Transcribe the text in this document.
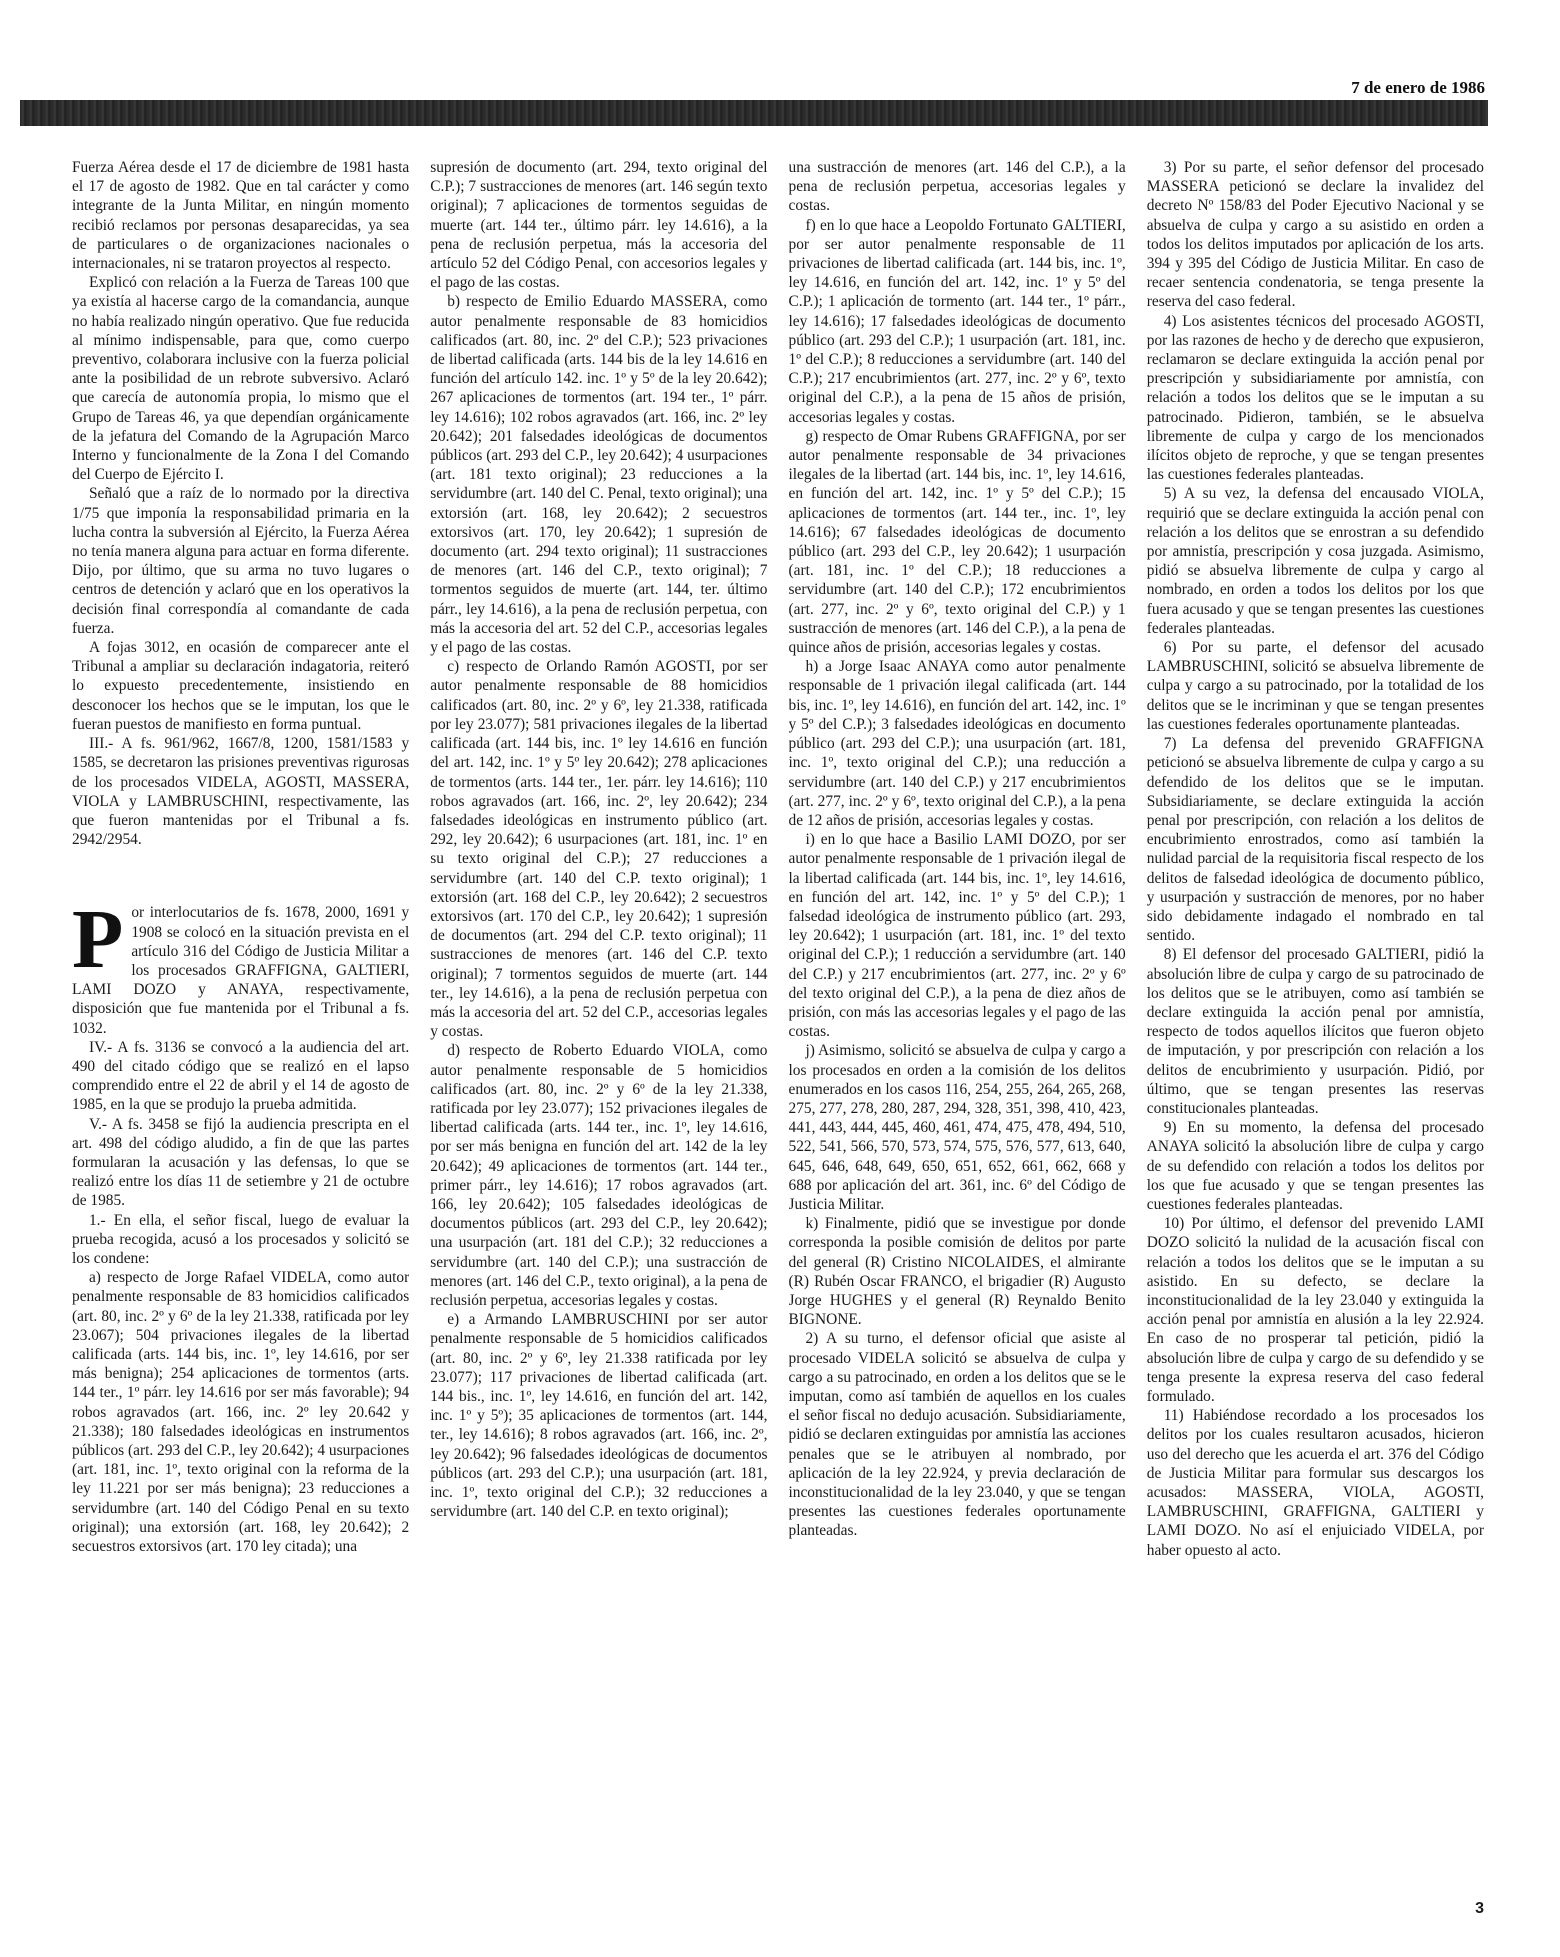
7 de enero de 1986

Fuerza Aérea desde el 17 de diciembre de 1981 hasta el 17 de agosto de 1982. Que en tal carácter y como integrante de la Junta Militar, en ningún momento recibió reclamos por personas desaparecidas, ya sea de particulares o de organizaciones nacionales o internacionales, ni se trataron proyectos al respecto.

Explicó con relación a la Fuerza de Tareas 100 que ya existía al hacerse cargo de la comandancia, aunque no había realizado ningún operativo. Que fue reducida al mínimo indispensable, para que, como cuerpo preventivo, colaborara inclusive con la fuerza policial ante la posibilidad de un rebrote subversivo. Aclaró que carecía de autonomía propia, lo mismo que el Grupo de Tareas 46, ya que dependían orgánicamente de la jefatura del Comando de la Agrupación Marco Interno y funcionalmente de la Zona I del Comando del Cuerpo de Ejército I.

Señaló que a raíz de lo normado por la directiva 1/75 que imponía la responsabilidad primaria en la lucha contra la subversión al Ejército, la Fuerza Aérea no tenía manera alguna para actuar en forma diferente. Dijo, por último, que su arma no tuvo lugares o centros de detención y aclaró que en los operativos la decisión final correspondía al comandante de cada fuerza.

A fojas 3012, en ocasión de comparecer ante el Tribunal a ampliar su declaración indagatoria, reiteró lo expuesto precedentemente, insistiendo en desconocer los hechos que se le imputan, los que le fueran puestos de manifiesto en forma puntual.

III.- A fs. 961/962, 1667/8, 1200, 1581/1583 y 1585, se decretaron las prisiones preventivas rigurosas de los procesados VIDELA, AGOSTI, MASSERA, VIOLA y LAMBRUSCHINI, respectivamente, las que fueron mantenidas por el Tribunal a fs. 2942/2954.

Por interlocutarios de fs. 1678, 2000, 1691 y 1908 se colocó en la situación prevista en el artículo 316 del Código de Justicia Militar a los procesados GRAFFIGNA, GALTIERI, LAMI DOZO y ANAYA, respectivamente, disposición que fue mantenida por el Tribunal a fs. 1032.

IV.- A fs. 3136 se convocó a la audiencia del art. 490 del citado código que se realizó en el lapso comprendido entre el 22 de abril y el 14 de agosto de 1985, en la que se produjo la prueba admitida.

V.- A fs. 3458 se fijó la audiencia prescripta en el art. 498 del código aludido, a fin de que las partes formularan la acusación y las defensas, lo que se realizó entre los días 11 de setiembre y 21 de octubre de 1985.

1.- En ella, el señor fiscal, luego de evaluar la prueba recogida, acusó a los procesados y solicitó se los condene:

a) respecto de Jorge Rafael VIDELA, como autor penalmente responsable de 83 homicidios calificados (art. 80, inc. 2º y 6º de la ley 21.338, ratificada por ley 23.067); 504 privaciones ilegales de la libertad calificada (arts. 144 bis, inc. 1º, ley 14.616, por ser más benigna); 254 aplicaciones de tormentos (arts. 144 ter., 1º párr. ley 14.616 por ser más favorable); 94 robos agravados (art. 166, inc. 2º ley 20.642 y 21.338); 180 falsedades ideológicas en instrumentos públicos (art. 293 del C.P., ley 20.642); 4 usurpaciones (art. 181, inc. 1º, texto original con la reforma de la ley 11.221 por ser más benigna); 23 reducciones a servidumbre (art. 140 del Código Penal en su texto original); una extorsión (art. 168, ley 20.642); 2 secuestros extorsivos (art. 170 ley citada); una

supresión de documento (art. 294, texto original del C.P.); 7 sustracciones de menores (art. 146 según texto original); 7 aplicaciones de tormentos seguidas de muerte (art. 144 ter., último párr. ley 14.616), a la pena de reclusión perpetua, más la accesoria del artículo 52 del Código Penal, con accesorios legales y el pago de las costas.

b) respecto de Emilio Eduardo MASSERA, como autor penalmente responsable de 83 homicidios calificados (art. 80, inc. 2º del C.P.); 523 privaciones de libertad calificada (arts. 144 bis de la ley 14.616 en función del artículo 142. inc. 1º y 5º de la ley 20.642); 267 aplicaciones de tormentos (art. 194 ter., 1º párr. ley 14.616); 102 robos agravados (art. 166, inc. 2º ley 20.642); 201 falsedades ideológicas de documentos públicos (art. 293 del C.P., ley 20.642); 4 usurpaciones (art. 181 texto original); 23 reducciones a la servidumbre (art. 140 del C. Penal, texto original); una extorsión (art. 168, ley 20.642); 2 secuestros extorsivos (art. 170, ley 20.642); 1 supresión de documento (art. 294 texto original); 11 sustracciones de menores (art. 146 del C.P., texto original); 7 tormentos seguidos de muerte (art. 144, ter. último párr., ley 14.616), a la pena de reclusión perpetua, con más la accesoria del art. 52 del C.P., accesorias legales y el pago de las costas.

c) respecto de Orlando Ramón AGOSTI, por ser autor penalmente responsable de 88 homicidios calificados (art. 80, inc. 2º y 6º, ley 21.338, ratificada por ley 23.077); 581 privaciones ilegales de la libertad calificada (art. 144 bis, inc. 1º ley 14.616 en función del art. 142, inc. 1º y 5º ley 20.642); 278 aplicaciones de tormentos (arts. 144 ter., 1er. párr. ley 14.616); 110 robos agravados (art. 166, inc. 2º, ley 20.642); 234 falsedades ideológicas en instrumento público (art. 292, ley 20.642); 6 usurpaciones (art. 181, inc. 1º en su texto original del C.P.); 27 reducciones a servidumbre (art. 140 del C.P. texto original); 1 extorsión (art. 168 del C.P., ley 20.642); 2 secuestros extorsivos (art. 170 del C.P., ley 20.642); 1 supresión de documentos (art. 294 del C.P. texto original); 11 sustracciones de menores (art. 146 del C.P. texto original); 7 tormentos seguidos de muerte (art. 144 ter., ley 14.616), a la pena de reclusión perpetua con más la accesoria del art. 52 del C.P., accesorias legales y costas.

d) respecto de Roberto Eduardo VIOLA, como autor penalmente responsable de 5 homicidios calificados (art. 80, inc. 2º y 6º de la ley 21.338, ratificada por ley 23.077); 152 privaciones ilegales de libertad calificada (arts. 144 ter., inc. 1º, ley 14.616, por ser más benigna en función del art. 142 de la ley 20.642); 49 aplicaciones de tormentos (art. 144 ter., primer párr., ley 14.616); 17 robos agravados (art. 166, ley 20.642); 105 falsedades ideológicas de documentos públicos (art. 293 del C.P., ley 20.642); una usurpación (art. 181 del C.P.); 32 reducciones a servidumbre (art. 140 del C.P.); una sustracción de menores (art. 146 del C.P., texto original), a la pena de reclusión perpetua, accesorias legales y costas.

e) a Armando LAMBRUSCHINI por ser autor penalmente responsable de 5 homicidios calificados (art. 80, inc. 2º y 6º, ley 21.338 ratificada por ley 23.077); 117 privaciones de libertad calificada (art. 144 bis., inc. 1º, ley 14.616, en función del art. 142, inc. 1º y 5º); 35 aplicaciones de tormentos (art. 144, ter., ley 14.616); 8 robos agravados (art. 166, inc. 2º, ley 20.642); 96 falsedades ideológicas de documentos públicos (art. 293 del C.P.); una usurpación (art. 181, inc. 1º, texto original del C.P.); 32 reducciones a servidumbre (art. 140 del C.P. en texto original);

una sustracción de menores (art. 146 del C.P.), a la pena de reclusión perpetua, accesorias legales y costas.

f) en lo que hace a Leopoldo Fortunato GALTIERI, por ser autor penalmente responsable de 11 privaciones de libertad calificada (art. 144 bis, inc. 1º, ley 14.616, en función del art. 142, inc. 1º y 5º del C.P.); 1 aplicación de tormento (art. 144 ter., 1º párr., ley 14.616); 17 falsedades ideológicas de documento público (art. 293 del C.P.); 1 usurpación (art. 181, inc. 1º del C.P.); 8 reducciones a servidumbre (art. 140 del C.P.); 217 encubrimientos (art. 277, inc. 2º y 6º, texto original del C.P.), a la pena de 15 años de prisión, accesorias legales y costas.

g) respecto de Omar Rubens GRAFFIGNA, por ser autor penalmente responsable de 34 privaciones ilegales de la libertad (art. 144 bis, inc. 1º, ley 14.616, en función del art. 142, inc. 1º y 5º del C.P.); 15 aplicaciones de tormentos (art. 144 ter., inc. 1º, ley 14.616); 67 falsedades ideológicas de documento público (art. 293 del C.P., ley 20.642); 1 usurpación (art. 181, inc. 1º del C.P.); 18 reducciones a servidumbre (art. 140 del C.P.); 172 encubrimientos (art. 277, inc. 2º y 6º, texto original del C.P.) y 1 sustracción de menores (art. 146 del C.P.), a la pena de quince años de prisión, accesorias legales y costas.

h) a Jorge Isaac ANAYA como autor penalmente responsable de 1 privación ilegal calificada (art. 144 bis, inc. 1º, ley 14.616), en función del art. 142, inc. 1º y 5º del C.P.); 3 falsedades ideológicas en documento público (art. 293 del C.P.); una usurpación (art. 181, inc. 1º, texto original del C.P.); una reducción a servidumbre (art. 140 del C.P.) y 217 encubrimientos (art. 277, inc. 2º y 6º, texto original del C.P.), a la pena de 12 años de prisión, accesorias legales y costas.

i) en lo que hace a Basilio LAMI DOZO, por ser autor penalmente responsable de 1 privación ilegal de la libertad calificada (art. 144 bis, inc. 1º, ley 14.616, en función del art. 142, inc. 1º y 5º del C.P.); 1 falsedad ideológica de instrumento público (art. 293, ley 20.642); 1 usurpación (art. 181, inc. 1º del texto original del C.P.); 1 reducción a servidumbre (art. 140 del C.P.) y 217 encubrimientos (art. 277, inc. 2º y 6º del texto original del C.P.), a la pena de diez años de prisión, con más las accesorias legales y el pago de las costas.

j) Asimismo, solicitó se absuelva de culpa y cargo a los procesados en orden a la comisión de los delitos enumerados en los casos 116, 254, 255, 264, 265, 268, 275, 277, 278, 280, 287, 294, 328, 351, 398, 410, 423, 441, 443, 444, 445, 460, 461, 474, 475, 478, 494, 510, 522, 541, 566, 570, 573, 574, 575, 576, 577, 613, 640, 645, 646, 648, 649, 650, 651, 652, 661, 662, 668 y 688 por aplicación del art. 361, inc. 6º del Código de Justicia Militar.

k) Finalmente, pidió que se investigue por donde corresponda la posible comisión de delitos por parte del general (R) Cristino NICOLAIDES, el almirante (R) Rubén Oscar FRANCO, el brigadier (R) Augusto Jorge HUGHES y el general (R) Reynaldo Benito BIGNONE.

2) A su turno, el defensor oficial que asiste al procesado VIDELA solicitó se absuelva de culpa y cargo a su patrocinado, en orden a los delitos que se le imputan, como así también de aquellos en los cuales el señor fiscal no dedujo acusación. Subsidiariamente, pidió se declaren extinguidas por amnistía las acciones penales que se le atribuyen al nombrado, por aplicación de la ley 22.924, y previa declaración de inconstitucionalidad de la ley 23.040, y que se tengan presentes las cuestiones federales oportunamente planteadas.

3) Por su parte, el señor defensor del procesado MASSERA peticionó se declare la invalidez del decreto Nº 158/83 del Poder Ejecutivo Nacional y se absuelva de culpa y cargo a su asistido en orden a todos los delitos imputados por aplicación de los arts. 394 y 395 del Código de Justicia Militar. En caso de recaer sentencia condenatoria, se tenga presente la reserva del caso federal.

4) Los asistentes técnicos del procesado AGOSTI, por las razones de hecho y de derecho que expusieron, reclamaron se declare extinguida la acción penal por prescripción y subsidiariamente por amnistía, con relación a todos los delitos que se le imputan a su patrocinado. Pidieron, también, se le absuelva libremente de culpa y cargo de los mencionados ilícitos objeto de reproche, y que se tengan presentes las cuestiones federales planteadas.

5) A su vez, la defensa del encausado VIOLA, requirió que se declare extinguida la acción penal con relación a los delitos que se enrostran a su defendido por amnistía, prescripción y cosa juzgada. Asimismo, pidió se absuelva libremente de culpa y cargo al nombrado, en orden a todos los delitos por los que fuera acusado y que se tengan presentes las cuestiones federales planteadas.

6) Por su parte, el defensor del acusado LAMBRUSCHINI, solicitó se absuelva libremente de culpa y cargo a su patrocinado, por la totalidad de los delitos que se le incriminan y que se tengan presentes las cuestiones federales oportunamente planteadas.

7) La defensa del prevenido GRAFFIGNA peticionó se absuelva libremente de culpa y cargo a su defendido de los delitos que se le imputan. Subsidiariamente, se declare extinguida la acción penal por prescripción, con relación a los delitos de encubrimiento enrostrados, como así también la nulidad parcial de la requisitoria fiscal respecto de los delitos de falsedad ideológica de documento público, y usurpación y sustracción de menores, por no haber sido debidamente indagado el nombrado en tal sentido.

8) El defensor del procesado GALTIERI, pidió la absolución libre de culpa y cargo de su patrocinado de los delitos que se le atribuyen, como así también se declare extinguida la acción penal por amnistía, respecto de todos aquellos ilícitos que fueron objeto de imputación, y por prescripción con relación a los delitos de encubrimiento y usurpación. Pidió, por último, que se tengan presentes las reservas constitucionales planteadas.

9) En su momento, la defensa del procesado ANAYA solicitó la absolución libre de culpa y cargo de su defendido con relación a todos los delitos por los que fue acusado y que se tengan presentes las cuestiones federales planteadas.

10) Por último, el defensor del prevenido LAMI DOZO solicitó la nulidad de la acusación fiscal con relación a todos los delitos que se le imputan a su asistido. En su defecto, se declare la inconstitucionalidad de la ley 23.040 y extinguida la acción penal por amnistía en alusión a la ley 22.924. En caso de no prosperar tal petición, pidió la absolución libre de culpa y cargo de su defendido y se tenga presente la expresa reserva del caso federal formulado.

11) Habiéndose recordado a los procesados los delitos por los cuales resultaron acusados, hicieron uso del derecho que les acuerda el art. 376 del Código de Justicia Militar para formular sus descargos los acusados: MASSERA, VIOLA, AGOSTI, LAMBRUSCHINI, GRAFFIGNA, GALTIERI y LAMI DOZO. No así el enjuiciado VIDELA, por haber opuesto al acto.

3
